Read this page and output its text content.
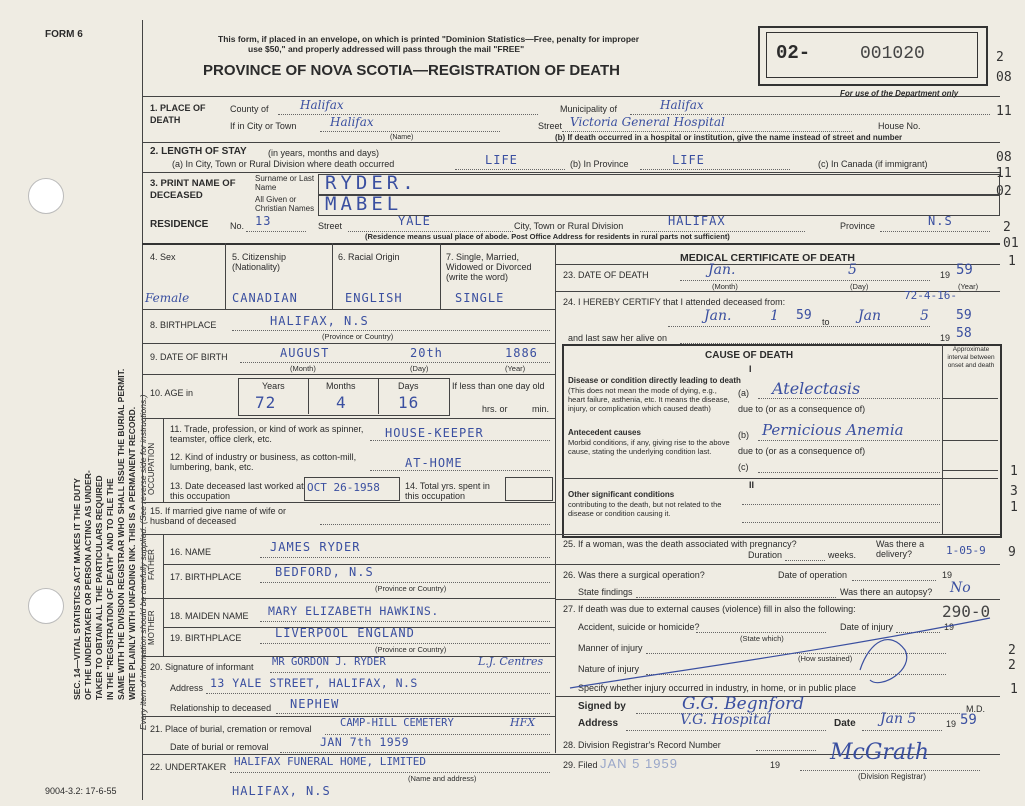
FORM 6
9004-3.2: 17-6-55
SEC. 14—VITAL STATISTICS ACT MAKES IT THE DUTY OF THE UNDERTAKER OR PERSON ACTING AS UNDER- TAKER TO OBTAIN ALL THE PARTICULARS REQUIRED IN THE "REGISTRATION OF DEATH" AND TO FILE THE SAME WITH THE DIVISION REGISTRAR WHO SHALL ISSUE THE BURIAL PERMIT. WRITE PLAINLY WITH UNFADING INK. THIS IS A PERMANENT RECORD. Every item of information should be carefully supplied. (See reverse side for instructions.)
This form, if placed in an envelope, on which is printed "Dominion Statistics—Free, penalty for improper
use $50," and properly addressed will pass through the mail "FREE"
PROVINCE OF NOVA SCOTIA—REGISTRATION OF DEATH
02-	001020
For use of the Department only
2
08
11
08
11
02
2
01
1
1
3
1
9
2
2
1
1. PLACE OF DEATH
County of	Halifax	Municipality of	Halifax
If in City or Town	Halifax
(Name)
Street Victoria General Hospital	House No.
(b) If death occurred in a hospital or institution, give the name instead of street and number
2. LENGTH OF STAY (in years, months and days)
(a) In City, Town or Rural Division where death occurred	LIFE	(b) In Province	LIFE	(c) In Canada (if immigrant)
3. PRINT NAME OF DECEASED
Surname or Last Name	RYDER.
All Given or Christian Names MABEL
RESIDENCE No. 13	Street	YALE	City, Town or Rural Division	HALIFAX	Province	N.S
(Residence means usual place of abode. Post Office Address for residents in rural parts not sufficient)
4. Sex
Female
5. Citizenship (Nationality)
CANADIAN
6. Racial Origin
ENGLISH
7. Single, Married, Widowed or Divorced (write the word)
SINGLE
8. BIRTHPLACE	HALIFAX, N.S
(Province or Country)
9. DATE OF BIRTH	AUGUST	20th	1886
(Month)	(Day)	(Year)
10. AGE in
Years	Months	Days
72	4	16
If less than one day old
hrs. or	min.
OCCUPATION
11. Trade, profession, or kind of work as spinner, teamster, office clerk, etc.	HOUSE-KEEPER
12. Kind of industry or business, as cotton-mill, lumbering, bank, etc.	AT-HOME
13. Date deceased last worked at this occupation
OCT 26-1958	14. Total yrs. spent in this occupation
15. If married give name of wife or husband of deceased
FATHER 16. NAME	JAMES RYDER
17. BIRTHPLACE	BEDFORD, N.S
(Province or Country)
MOTHER 18. MAIDEN NAME MARY ELIZABETH HAWKINS.
19. BIRTHPLACE	LIVERPOOL ENGLAND
(Province or Country)
20. Signature of informant MR GORDON J. RYDER	L.J. Centres
Address 13 YALE STREET, HALIFAX, N.S
Relationship to deceased NEPHEW
21. Place of burial, cremation or removal	CAMP-HILL CEMETERY	HFX
Date of burial or removal	JAN 7th 1959
22. UNDERTAKER HALIFAX FUNERAL HOME, LIMITED
(Name and address)
HALIFAX, N.S
MEDICAL CERTIFICATE OF DEATH
23. DATE OF DEATH	Jan.	5	19 59
(Month)	(Day)	(Year)
24. I HEREBY CERTIFY that I attended deceased from:	72-4-16-
Jan.	1 59 to Jan	5 59
and last saw her alive on	19 58
CAUSE OF DEATH
I
Approximate interval between onset and death
Disease or condition directly leading to death
(This does not mean the mode of dying, e.g., heart failure, asthenia, etc. It means the disease, injury, or complication which caused death)
(a) Atelectasis
due to (or as a consequence of)
Antecedent causes
Morbid conditions, if any, giving rise to the above cause, stating the underlying condition last.
(b) Pernicious Anemia
due to (or as a consequence of)
(c)
II
Other significant conditions
contributing to the death, but not related to the disease or condition causing it.
25. If a woman, was the death associated with pregnancy?
Duration	weeks.
Was there a delivery?	1-05-9
26. Was there a surgical operation?	Date of operation	19
State findings	Was there an autopsy? No
27. If death was due to external causes (violence) fill in also the following:	290-0
Accident, suicide or homicide?
(State which)
Date of injury	19
Manner of injury
(How sustained)
Nature of injury
Specify whether injury occurred in industry, in home, or in public place
Signed by	G.G. Begnford	M.D.
Address	V.G. Hospital	Date Jan 5	19 59
28. Division Registrar's Record Number
29. Filed JAN 5 1959	19 McGrath
(Division Registrar)
